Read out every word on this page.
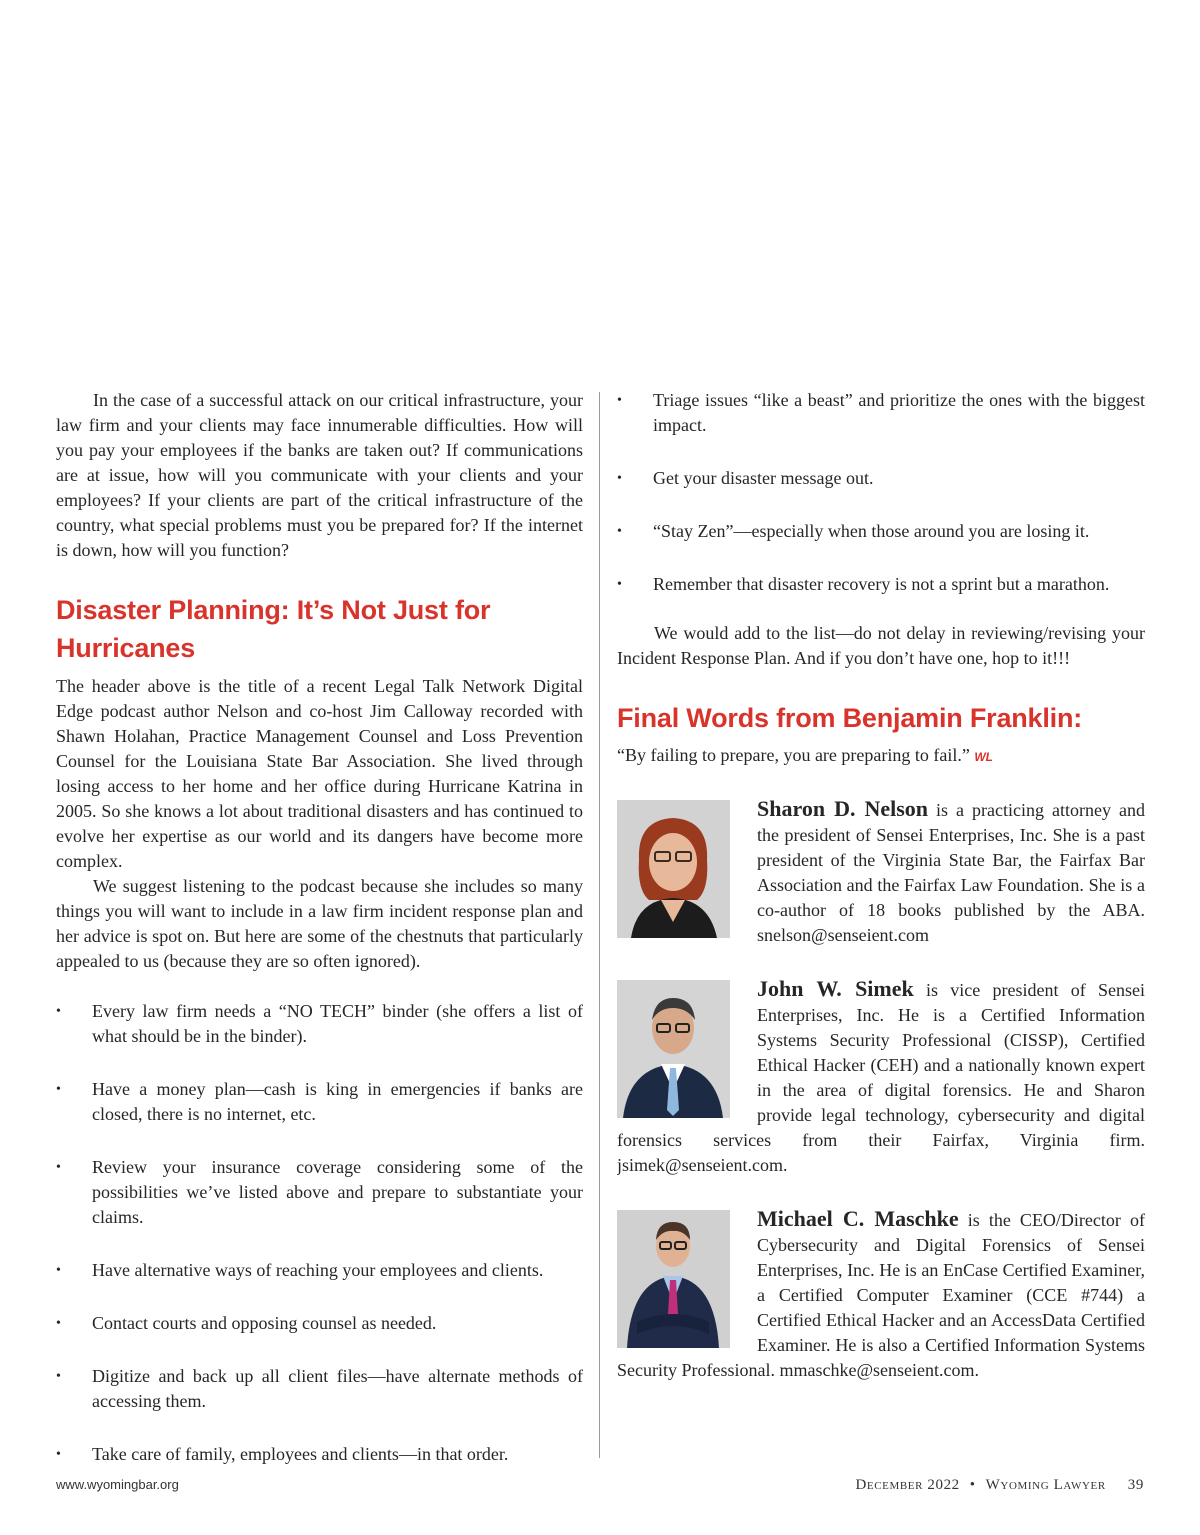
In the case of a successful attack on our critical infrastructure, your law firm and your clients may face innumerable difficulties. How will you pay your employees if the banks are taken out? If communications are at issue, how will you communicate with your clients and your employees? If your clients are part of the critical infrastructure of the country, what special problems must you be prepared for? If the internet is down, how will you function?

Disaster Planning: It’s Not Just for Hurricanes

The header above is the title of a recent Legal Talk Network Digital Edge podcast author Nelson and co-host Jim Calloway recorded with Shawn Holahan, Practice Management Counsel and Loss Prevention Counsel for the Louisiana State Bar Association. She lived through losing access to her home and her office during Hurricane Katrina in 2005. So she knows a lot about traditional disasters and has continued to evolve her expertise as our world and its dangers have become more complex.

We suggest listening to the podcast because she includes so many things you will want to include in a law firm incident response plan and her advice is spot on. But here are some of the chestnuts that particularly appealed to us (because they are so often ignored).

•	Every law firm needs a “NO TECH” binder (she offers a list of what should be in the binder).
•	Have a money plan—cash is king in emergencies if banks are closed, there is no internet, etc.
•	Review your insurance coverage considering some of the possibilities we’ve listed above and prepare to substantiate your claims.
•	Have alternative ways of reaching your employees and clients.
•	Contact courts and opposing counsel as needed.
•	Digitize and back up all client files—have alternate methods of accessing them.
•	Take care of family, employees and clients—in that order.
•	Triage issues “like a beast” and prioritize the ones with the biggest impact.
•	Get your disaster message out.
•	“Stay Zen”—especially when those around you are losing it.
•	Remember that disaster recovery is not a sprint but a marathon.

We would add to the list—do not delay in reviewing/revising your Incident Response Plan. And if you don’t have one, hop to it!!!

Final Words from Benjamin Franklin:

“By failing to prepare, you are preparing to fail.” WL

Sharon D. Nelson is a practicing attorney and the president of Sensei Enterprises, Inc. She is a past president of the Virginia State Bar, the Fairfax Bar Association and the Fairfax Law Foundation. She is a co-author of 18 books published by the ABA. snelson@senseient.com

John W. Simek is vice president of Sensei Enterprises, Inc. He is a Certified Information Systems Security Professional (CISSP), Certified Ethical Hacker (CEH) and a nationally known expert in the area of digital forensics. He and Sharon provide legal technology, cybersecurity and digital forensics services from their Fairfax, Virginia firm. jsimek@senseient.com.

Michael C. Maschke is the CEO/Director of Cybersecurity and Digital Forensics of Sensei Enterprises, Inc. He is an EnCase Certified Examiner, a Certified Computer Examiner (CCE #744) a Certified Ethical Hacker and an AccessData Certified Examiner. He is also a Certified Information Systems Security Professional. mmaschke@senseient.com.

www.wyomingbar.org	December 2022 • Wyoming Lawyer 39
